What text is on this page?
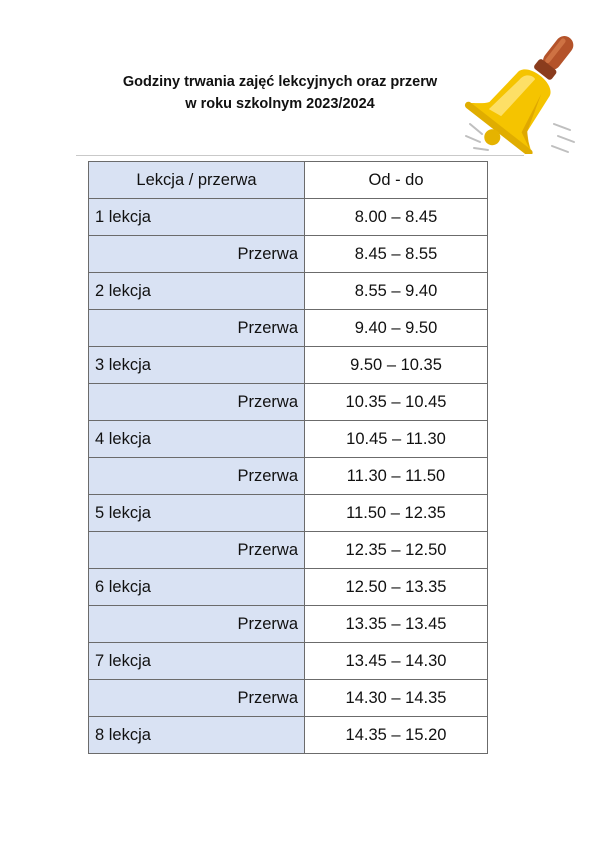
Godziny trwania zajęć lekcyjnych oraz przerw
w roku szkolnym 2023/2024
Lekcja / przerwa	Od - do
1 lekcja	8.00 – 8.45
Przerwa	8.45 – 8.55
2 lekcja	8.55 – 9.40
Przerwa	9.40 – 9.50
3 lekcja	9.50 – 10.35
Przerwa	10.35 – 10.45
4 lekcja	10.45 – 11.30
Przerwa	11.30 – 11.50
5 lekcja	11.50 – 12.35
Przerwa	12.35 – 12.50
6 lekcja	12.50 – 13.35
Przerwa	13.35 – 13.45
7 lekcja	13.45 – 14.30
Przerwa	14.30 – 14.35
8 lekcja	14.35 – 15.20
